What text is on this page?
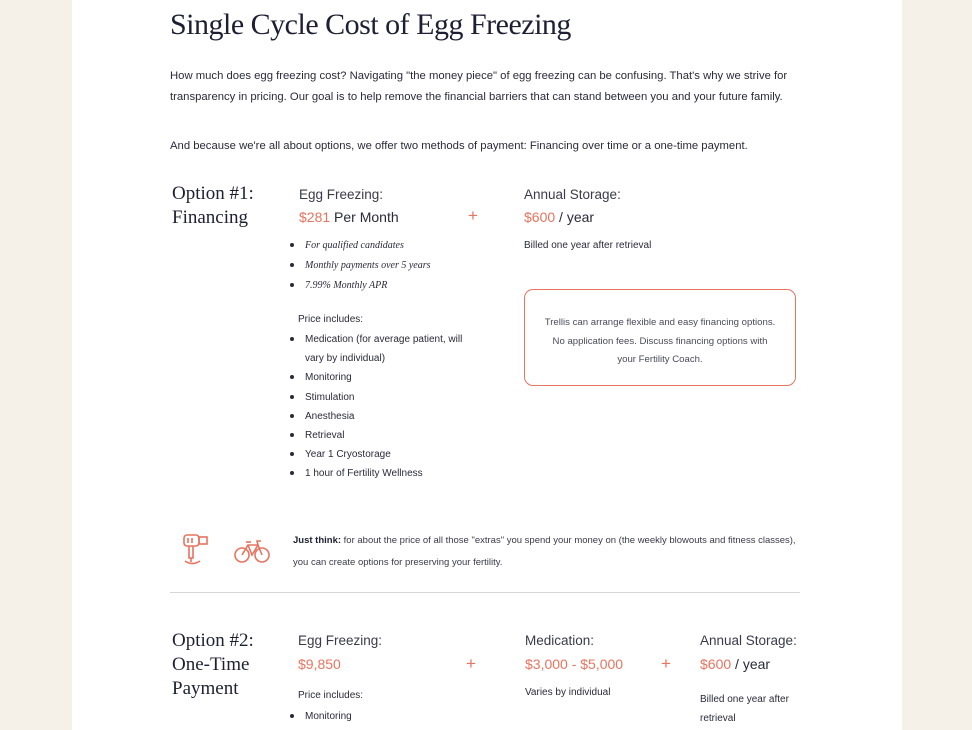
Single Cycle Cost of Egg Freezing

How much does egg freezing cost? Navigating "the money piece" of egg freezing can be confusing. That's why we strive for transparency in pricing. Our goal is to help remove the financial barriers that can stand between you and your future family.

And because we're all about options, we offer two methods of payment: Financing over time or a one-time payment.

Option #1:
Financing
Egg Freezing:
$281 Per Month	+
Annual Storage:
$600 / year
Billed one year after retrieval
For qualified candidates
Monthly payments over 5 years
7.99% Monthly APR
Price includes:
Medication (for average patient, will vary by individual)
Monitoring
Stimulation
Anesthesia
Retrieval
Year 1 Cryostorage
1 hour of Fertility Wellness
Trellis can arrange flexible and easy financing options. No application fees. Discuss financing options with your Fertility Coach.
Just think: for about the price of all those "extras" you spend your money on (the weekly blowouts and fitness classes), you can create options for preserving your fertility.
Option #2:
One-Time
Payment
Egg Freezing:
$9,850	+
Price includes:
Monitoring
Medication:
$3,000 - $5,000
Varies by individual
+
Annual Storage:
$600 / year
Billed one year after retrieval
